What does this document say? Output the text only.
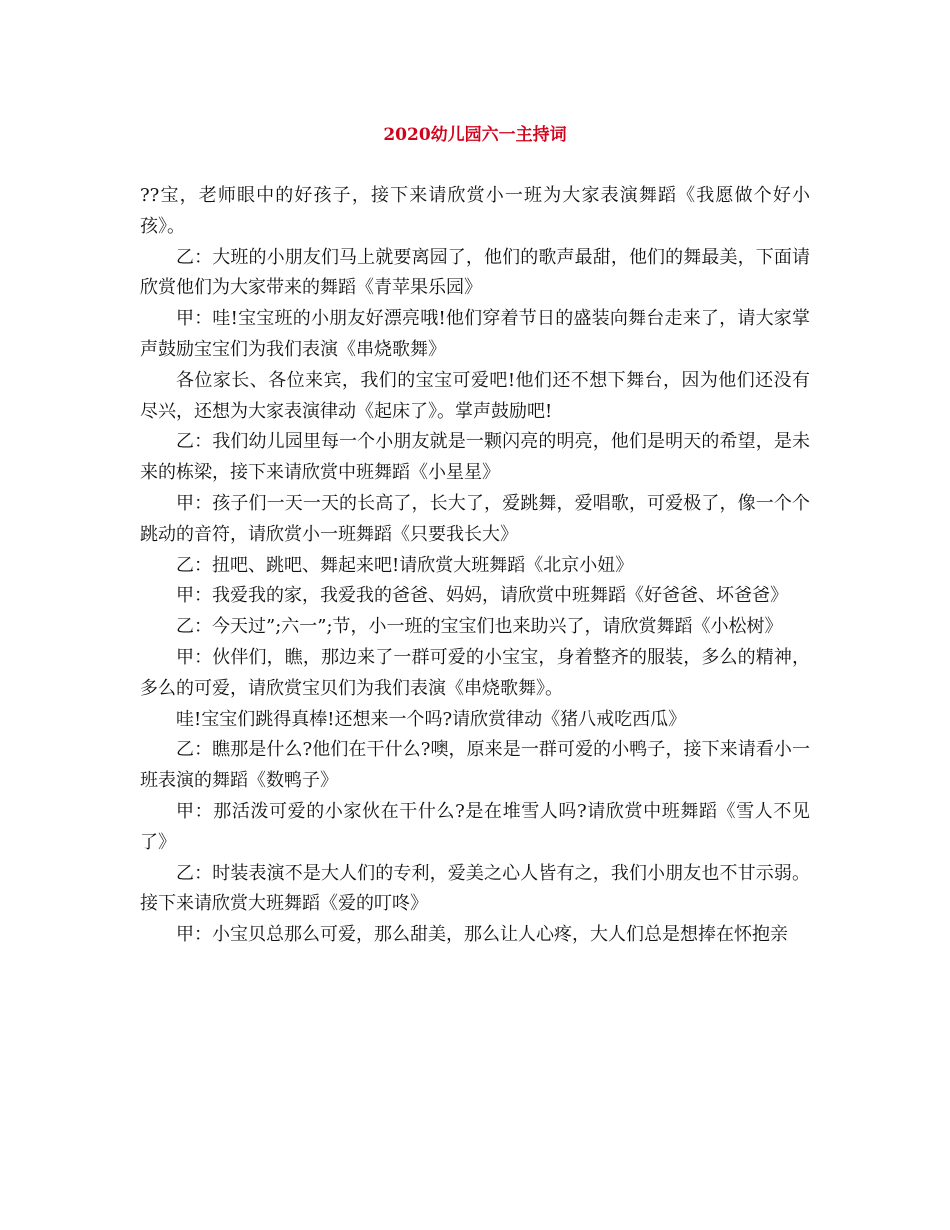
2020幼儿园六一主持词

??宝，老师眼中的好孩子，接下来请欣赏小一班为大家表演舞蹈《我愿做个好小孩》。

乙：大班的小朋友们马上就要离园了，他们的歌声最甜，他们的舞最美，下面请欣赏他们为大家带来的舞蹈《青苹果乐园》

甲：哇!宝宝班的小朋友好漂亮哦!他们穿着节日的盛装向舞台走来了，请大家掌声鼓励宝宝们为我们表演《串烧歌舞》

各位家长、各位来宾，我们的宝宝可爱吧!他们还不想下舞台，因为他们还没有尽兴，还想为大家表演律动《起床了》。掌声鼓励吧!

乙：我们幼儿园里每一个小朋友就是一颗闪亮的明亮，他们是明天的希望，是未来的栋梁，接下来请欣赏中班舞蹈《小星星》

甲：孩子们一天一天的长高了，长大了，爱跳舞，爱唱歌，可爱极了，像一个个跳动的音符，请欣赏小一班舞蹈《只要我长大》

乙：扭吧、跳吧、舞起来吧!请欣赏大班舞蹈《北京小妞》

甲：我爱我的家，我爱我的爸爸、妈妈，请欣赏中班舞蹈《好爸爸、坏爸爸》

乙：今天过”;六一”;节，小一班的宝宝们也来助兴了，请欣赏舞蹈《小松树》

甲：伙伴们，瞧，那边来了一群可爱的小宝宝，身着整齐的服装，多么的精神，多么的可爱，请欣赏宝贝们为我们表演《串烧歌舞》。

哇!宝宝们跳得真棒!还想来一个吗?请欣赏律动《猪八戒吃西瓜》

乙：瞧那是什么?他们在干什么?噢，原来是一群可爱的小鸭子，接下来请看小一班表演的舞蹈《数鸭子》

甲：那活泼可爱的小家伙在干什么?是在堆雪人吗?请欣赏中班舞蹈《雪人不见了》

乙：时装表演不是大人们的专利，爱美之心人皆有之，我们小朋友也不甘示弱。接下来请欣赏大班舞蹈《爱的叮咚》

甲：小宝贝总那么可爱，那么甜美，那么让人心疼，大人们总是想捧在怀抱亲
